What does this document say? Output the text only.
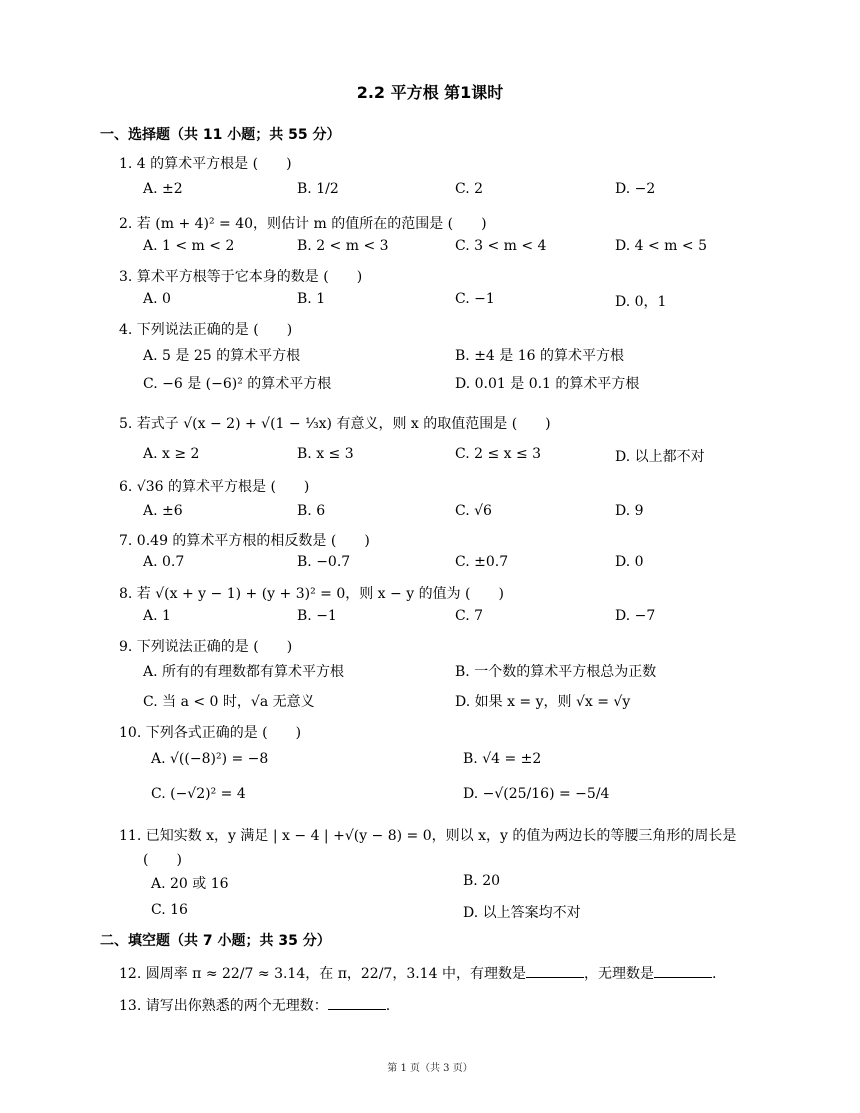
2.2 平方根 第1课时
一、选择题（共 11 小题；共 55 分）
1. 4 的算术平方根是 (　　)
A. ±2	B. 1/2	C. 2	D. −2
2. 若 (m + 4)² = 40，则估计 m 的值所在的范围是 (　　)
A. 1 < m < 2	B. 2 < m < 3	C. 3 < m < 4	D. 4 < m < 5
3. 算术平方根等于它本身的数是 (　　)
A. 0	B. 1	C. −1	D. 0，1
4. 下列说法正确的是 (　　)
A. 5 是 25 的算术平方根	B. ±4 是 16 的算术平方根
C. −6 是 (−6)² 的算术平方根	D. 0.01 是 0.1 的算术平方根
5. 若式子 √(x − 2) + √(1 − ⅓x) 有意义，则 x 的取值范围是 (　　)
A. x ≥ 2	B. x ≤ 3	C. 2 ≤ x ≤ 3	D. 以上都不对
6. √36 的算术平方根是 (　　)
A. ±6	B. 6	C. √6	D. 9
7. 0.49 的算术平方根的相反数是 (　　)
A. 0.7	B. −0.7	C. ±0.7	D. 0
8. 若 √(x + y − 1) + (y + 3)² = 0，则 x − y 的值为 (　　)
A. 1	B. −1	C. 7	D. −7
9. 下列说法正确的是 (　　)
A. 所有的有理数都有算术平方根	B. 一个数的算术平方根总为正数
C. 当 a < 0 时，√a 无意义	D. 如果 x = y，则 √x = √y
10. 下列各式正确的是 (　　)
A. √((−8)²) = −8	B. √4 = ±2
C. (−√2)² = 4	D. −√(25/16) = −5/4
11. 已知实数 x，y 满足 | x − 4 | +√(y − 8) = 0，则以 x，y 的值为两边长的等腰三角形的周长是
(　　)
A. 20 或 16	B. 20
C. 16	D. 以上答案均不对
二、填空题（共 7 小题；共 35 分）
12. 圆周率 π ≈ 22/7 ≈ 3.14，在 π，22/7，3.14 中，有理数是	，无理数是	.
13. 请写出你熟悉的两个无理数：	.
第 1 页（共 3 页）
